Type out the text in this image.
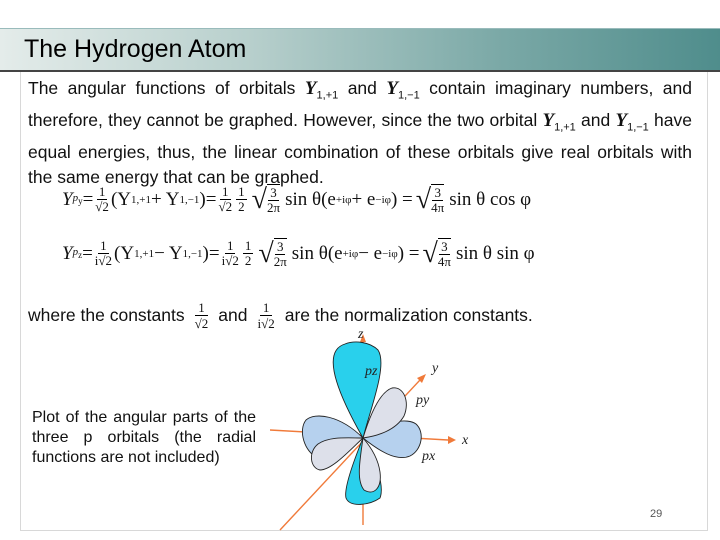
The Hydrogen Atom
The angular functions of orbitals $Y_{1,+1}$ and $Y_{1,-1}$ contain imaginary numbers, and therefore, they cannot be graphed. However, since the two orbital $Y_{1,+1}$ and $Y_{1,-1}$ have equal energies, thus, the linear combination of these orbitals give real orbitals with the same energy that can be graphed.
Y $p_y = \frac{1}{√2} (Y$ 1,+1 + Y 1,−1 ) = $\frac{1}{√2} \frac{1}{2}$ √ $\frac{3}{2\pi}$ sin θ (e +iφ + e −iφ ) = √ $\frac{3}{4\pi}$ sin θ cos φ
Y $p_z = \frac{1}{i√2} (Y$ 1,+1 − Y 1,−1 ) = $\frac{1}{i√2} \frac{1}{2}$ √ $\frac{3}{2\pi}$ sin θ (e +iφ − e −iφ ) = √ $\frac{3}{4\pi}$ sin θ sin φ
where the constants $\frac{1}{√2}$ and $\frac{1}{i√2}$ are the normalization constants.
Plot of the angular parts of the three p orbitals (the radial functions are not included)
z
y
x
pz
py
px
29
